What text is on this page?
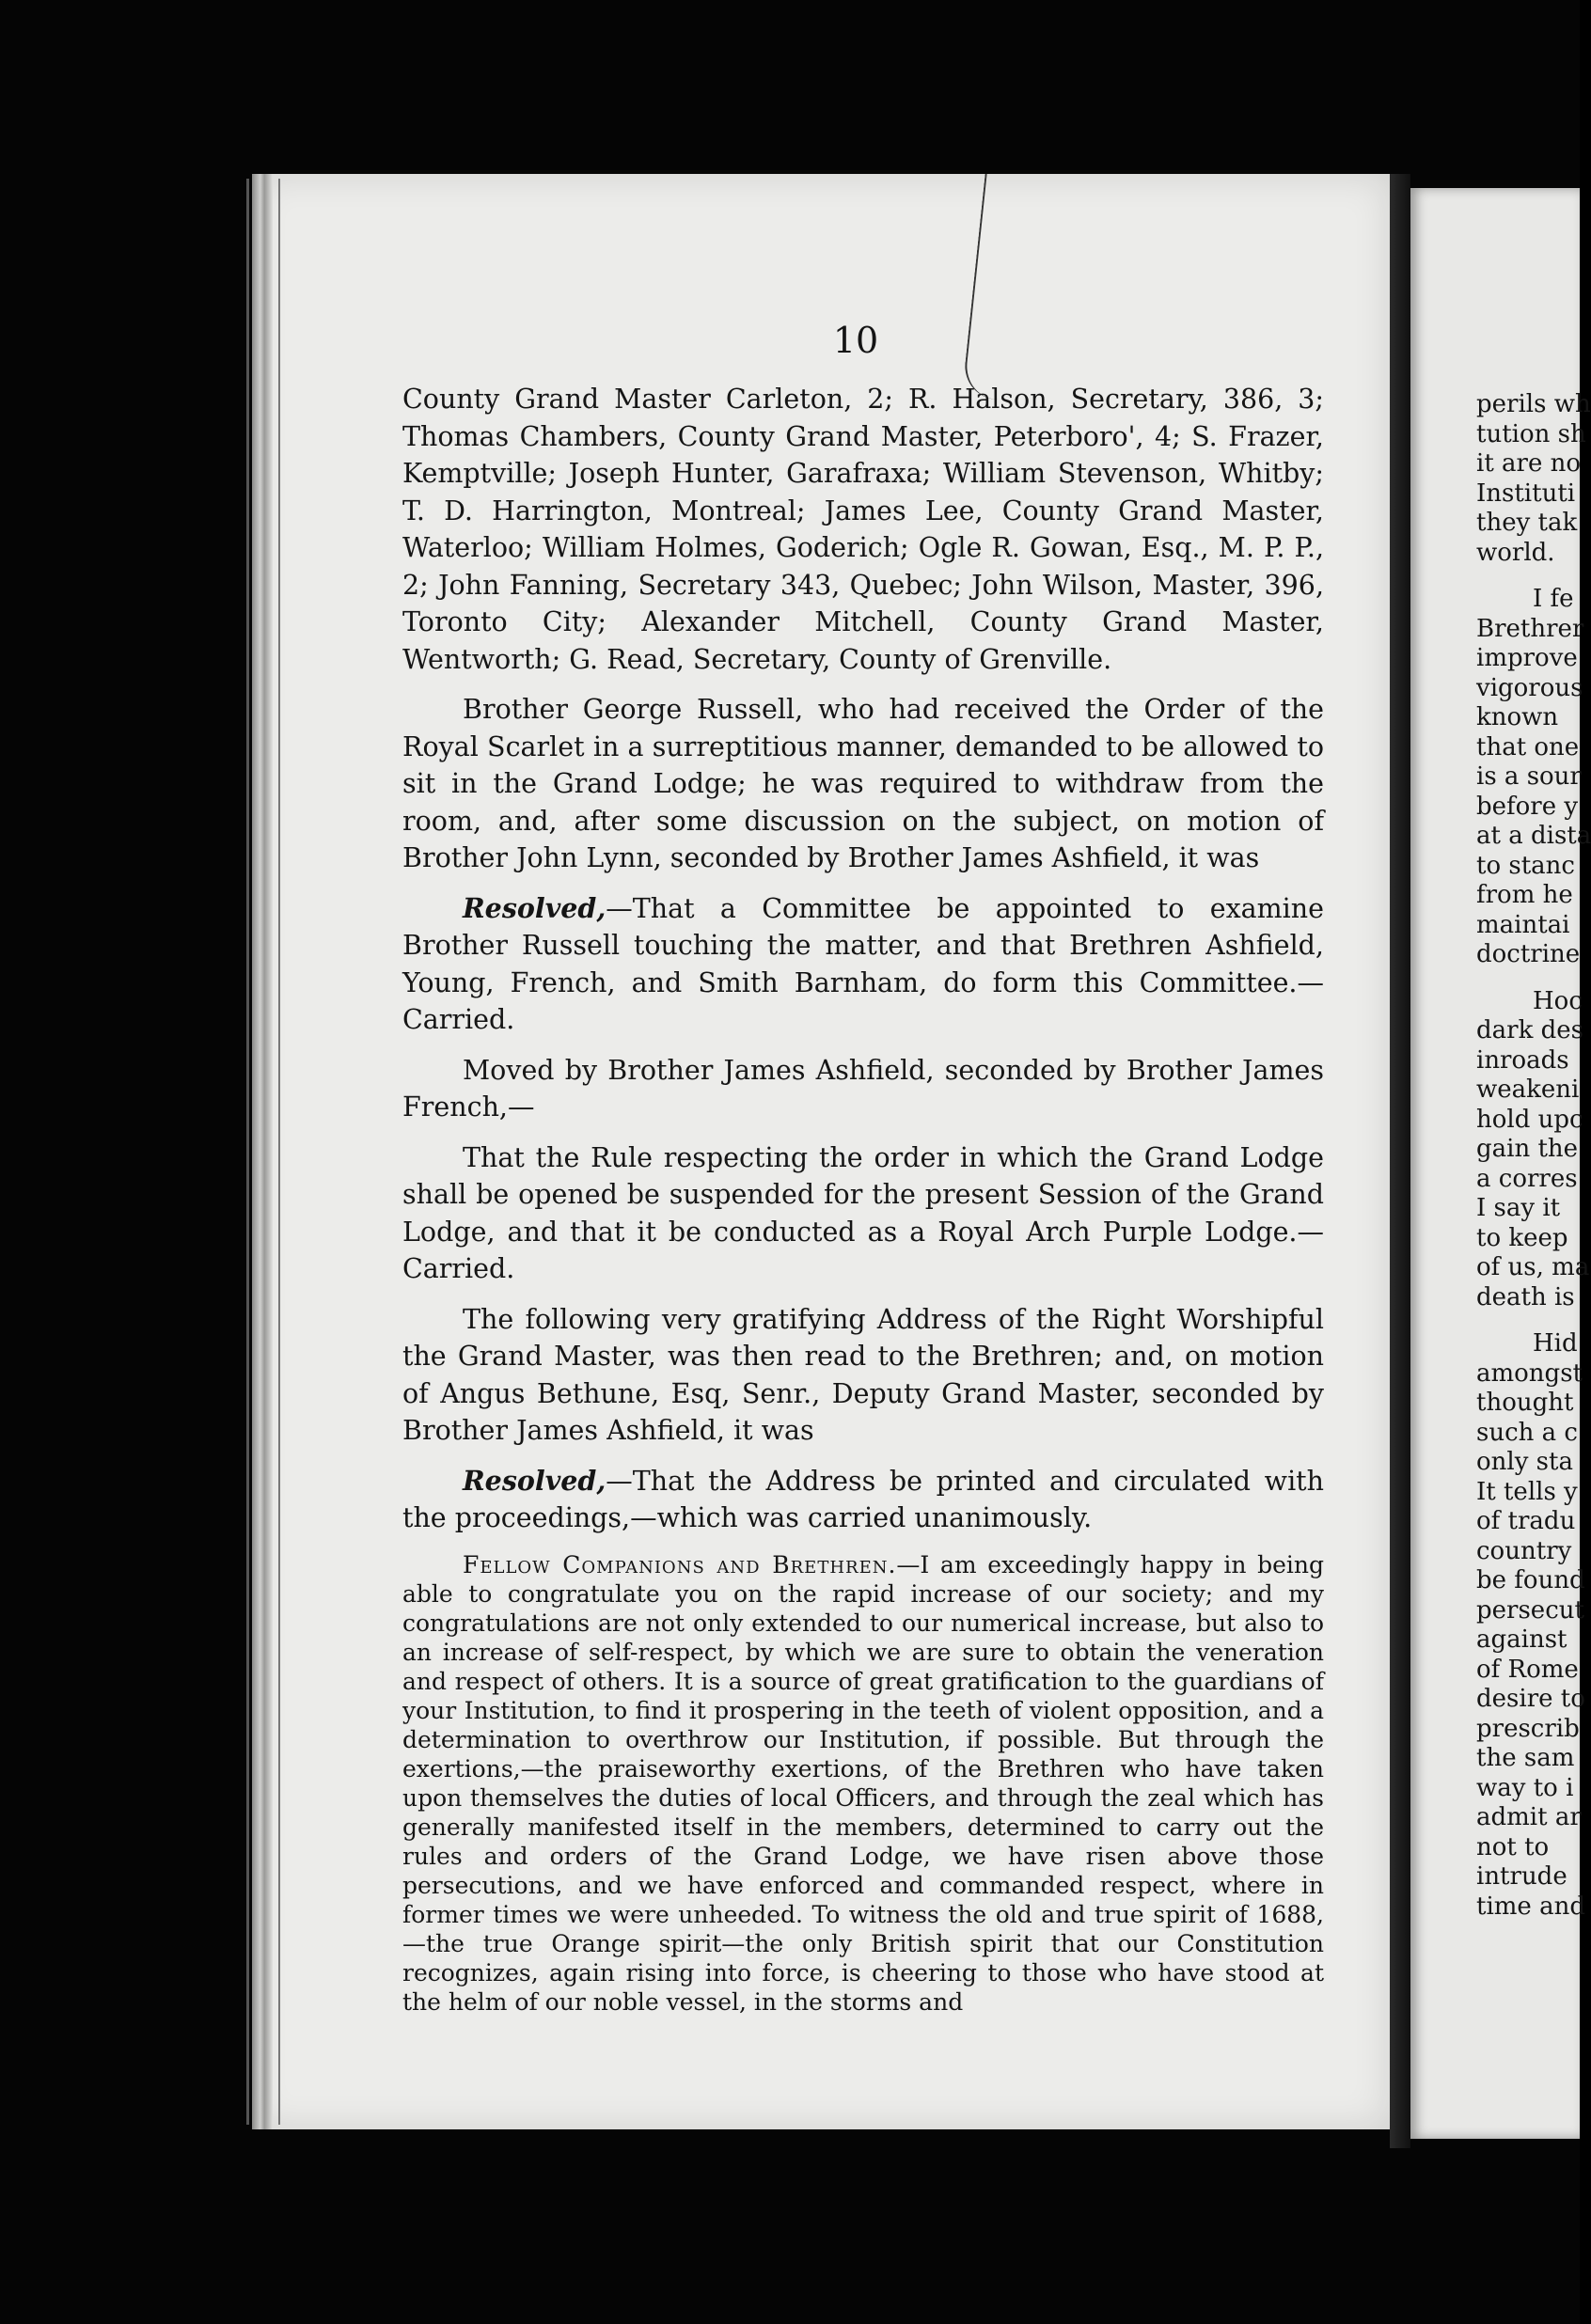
10

County Grand Master Carleton, 2; R. Halson, Secretary, 386, 3; Thomas Chambers, County Grand Master, Peterboro', 4; S. Frazer, Kemptville; Joseph Hunter, Garafraxa; William Stevenson, Whitby; T. D. Harrington, Montreal; James Lee, County Grand Master, Waterloo; William Holmes, Goderich; Ogle R. Gowan, Esq., M. P. P., 2; John Fanning, Secretary 343, Quebec; John Wilson, Master, 396, Toronto City; Alexander Mitchell, County Grand Master, Wentworth; G. Read, Secretary, County of Grenville.

Brother George Russell, who had received the Order of the Royal Scarlet in a surreptitious manner, demanded to be allowed to sit in the Grand Lodge; he was required to withdraw from the room, and, after some discussion on the subject, on motion of Brother John Lynn, seconded by Brother James Ashfield, it was

Resolved,—That a Committee be appointed to examine Brother Russell touching the matter, and that Brethren Ashfield, Young, French, and Smith Barnham, do form this Committee.—Carried.

Moved by Brother James Ashfield, seconded by Brother James French,—

That the Rule respecting the order in which the Grand Lodge shall be opened be suspended for the present Session of the Grand Lodge, and that it be conducted as a Royal Arch Purple Lodge.—Carried.

The following very gratifying Address of the Right Worshipful the Grand Master, was then read to the Brethren; and, on motion of Angus Bethune, Esq, Senr., Deputy Grand Master, seconded by Brother James Ashfield, it was

Resolved,—That the Address be printed and circulated with the proceedings,—which was carried unanimously.

Fellow Companions and Brethren.—I am exceedingly happy in being able to congratulate you on the rapid increase of our society; and my congratulations are not only extended to our numerical increase, but also to an increase of self-respect, by which we are sure to obtain the veneration and respect of others. It is a source of great gratification to the guardians of your Institution, to find it prospering in the teeth of violent opposition, and a determination to overthrow our Institution, if possible. But through the exertions,—the praiseworthy exertions, of the Brethren who have taken upon themselves the duties of local Officers, and through the zeal which has generally manifested itself in the members, determined to carry out the rules and orders of the Grand Lodge, we have risen above those persecutions, and we have enforced and commanded respect, where in former times we were unheeded. To witness the old and true spirit of 1688,—the true Orange spirit—the only British spirit that our Constitution recognizes, again rising into force, is cheering to those who have stood at the helm of our noble vessel, in the storms and

perils wh
tution sh
it are no
Instituti
they tak
world.
I fe
Brethrer
improve
vigorous
known
that one
is a sour
before y
at a dista
to stanc
from he
maintai
doctrine
Hoc
dark des
inroads
weakeni
hold upc
gain the
a corres
I say it
to keep
of us, ma
death is
Hid
amongst
thought
such a c
only sta
It tells y
of tradu
country
be found
persecut
against
of Rome
desire to
prescrib
the sam
way to i
admit ar
not to
intrude
time and
